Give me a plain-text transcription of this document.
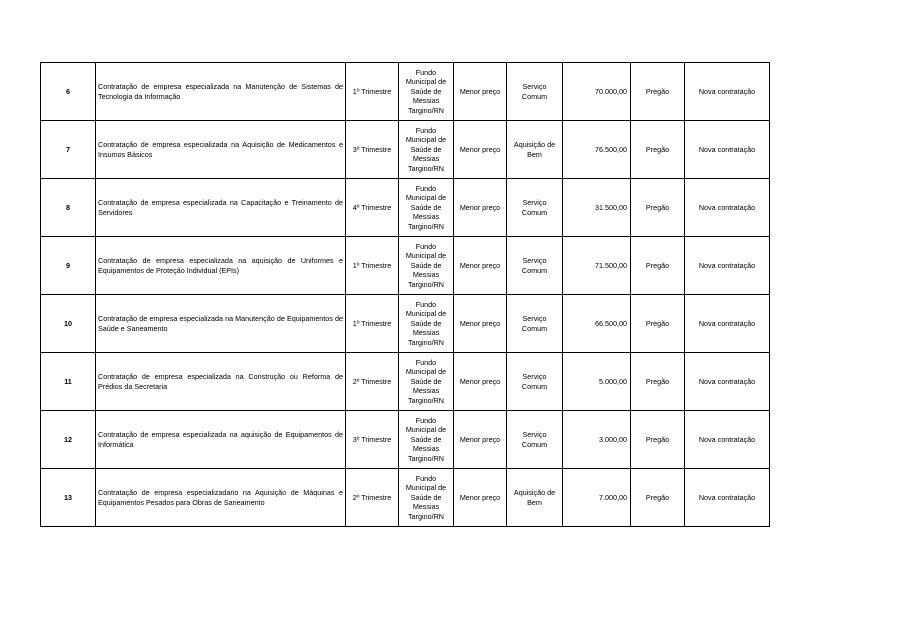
6	Contratação de empresa especializada na Manutenção de Sistemas de Tecnologia da Informação	1º Trimestre	Fundo Municipal de Saúde de Messias Targino/RN	Menor preço	Serviço Comum	70.000,00	Pregão	Nova contratação
7	Contratação de empresa especializada na Aquisição de Medicamentos e Insumos Básicos	3º Trimestre	Fundo Municipal de Saúde de Messias Targino/RN	Menor preço	Aquisição de Bem	76.500,00	Pregão	Nova contratação
8	Contratação de empresa especializada na Capacitação e Treinamento de Servidores	4º Trimestre	Fundo Municipal de Saúde de Messias Targino/RN	Menor preço	Serviço Comum	31.500,00	Pregão	Nova contratação
9	Contratação de empresa especializada na aquisição de Uniformes e Equipamentos de Proteção Individual (EPIs)	1º Trimestre	Fundo Municipal de Saúde de Messias Targino/RN	Menor preço	Serviço Comum	71.500,00	Pregão	Nova contratação
10	Contratação de empresa especializada na Manutenção de Equipamentos de Saúde e Saneamento	1º Trimestre	Fundo Municipal de Saúde de Messias Targino/RN	Menor preço	Serviço Comum	66.500,00	Pregão	Nova contratação
11	Contratação de empresa especializada na Construção ou Reforma de Prédios da Secretaria	2º Trimestre	Fundo Municipal de Saúde de Messias Targino/RN	Menor preço	Serviço Comum	5.000,00	Pregão	Nova contratação
12	Contratação de empresa especializada na aquisição de Equipamentos de Informática	3º Trimestre	Fundo Municipal de Saúde de Messias Targino/RN	Menor preço	Serviço Comum	3.000,00	Pregão	Nova contratação
13	Contratação de empresa especializadano na Aquisição de Máquinas e Equipamentos Pesados para Obras de Saneamento	2º Trimestre	Fundo Municipal de Saúde de Messias Targino/RN	Menor preço	Aquisição de Bem	7.000,00	Pregão	Nova contratação
